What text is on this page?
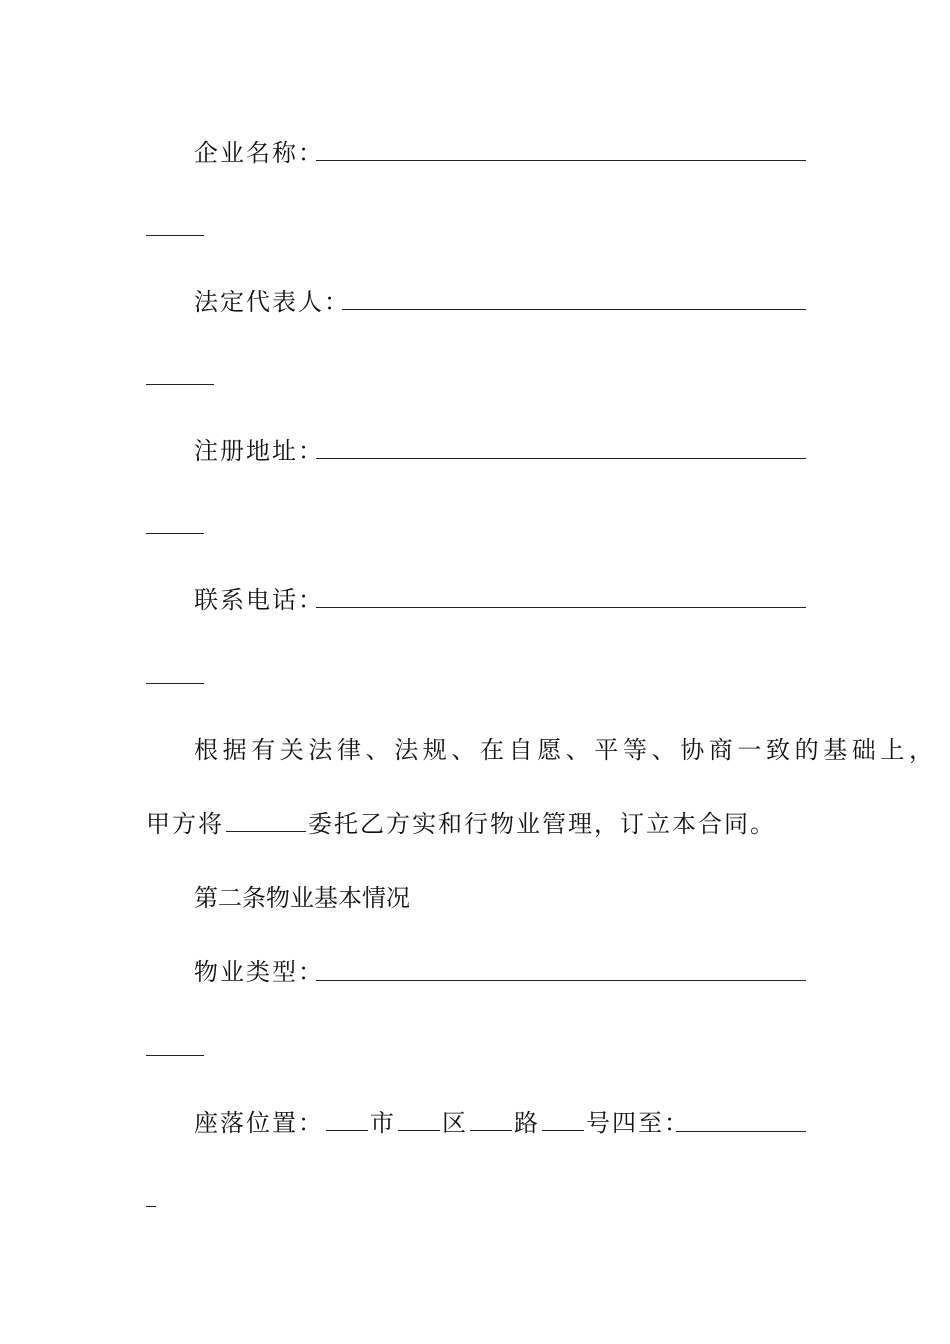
企业名称：
法定代表人：
注册地址：
联系电话：
根据有关法律、法规、在自愿、平等、协商一致的基础上，
甲方将	委托乙方实和行物业管理，订立本合同。
第二条物业基本情况
物业类型：
座落位置： 市 区 路 号四至：
